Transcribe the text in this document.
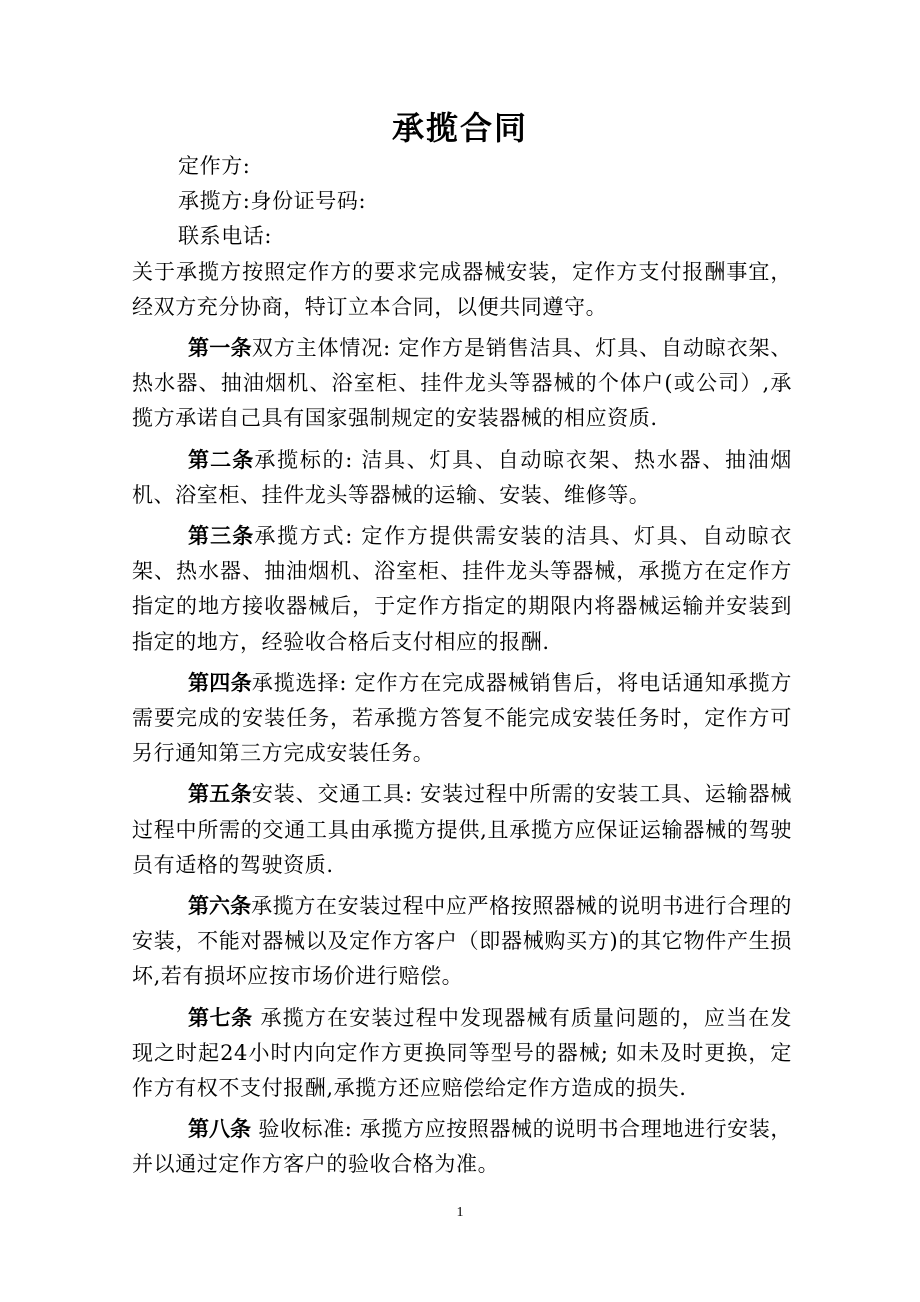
承揽合同

定作方:

承揽方:身份证号码:

联系电话:

关于承揽方按照定作方的要求完成器械安装，定作方支付报酬事宜，经双方充分协商，特订立本合同，以便共同遵守。

第一条双方主体情况: 定作方是销售洁具、灯具、自动晾衣架、热水器、抽油烟机、浴室柜、挂件龙头等器械的个体户(或公司）,承揽方承诺自己具有国家强制规定的安装器械的相应资质.

第二条承揽标的: 洁具、灯具、自动晾衣架、热水器、抽油烟机、浴室柜、挂件龙头等器械的运输、安装、维修等。

第三条承揽方式: 定作方提供需安装的洁具、灯具、自动晾衣架、热水器、抽油烟机、浴室柜、挂件龙头等器械，承揽方在定作方指定的地方接收器械后，于定作方指定的期限内将器械运输并安装到指定的地方，经验收合格后支付相应的报酬.

第四条承揽选择: 定作方在完成器械销售后，将电话通知承揽方需要完成的安装任务，若承揽方答复不能完成安装任务时，定作方可另行通知第三方完成安装任务。

第五条安装、交通工具: 安装过程中所需的安装工具、运输器械过程中所需的交通工具由承揽方提供,且承揽方应保证运输器械的驾驶员有适格的驾驶资质.

第六条承揽方在安装过程中应严格按照器械的说明书进行合理的安装，不能对器械以及定作方客户（即器械购买方)的其它物件产生损坏,若有损坏应按市场价进行赔偿。

第七条 承揽方在安装过程中发现器械有质量问题的，应当在发现之时起24小时内向定作方更换同等型号的器械; 如未及时更换，定作方有权不支付报酬,承揽方还应赔偿给定作方造成的损失.

第八条 验收标准: 承揽方应按照器械的说明书合理地进行安装，并以通过定作方客户的验收合格为准。

1
